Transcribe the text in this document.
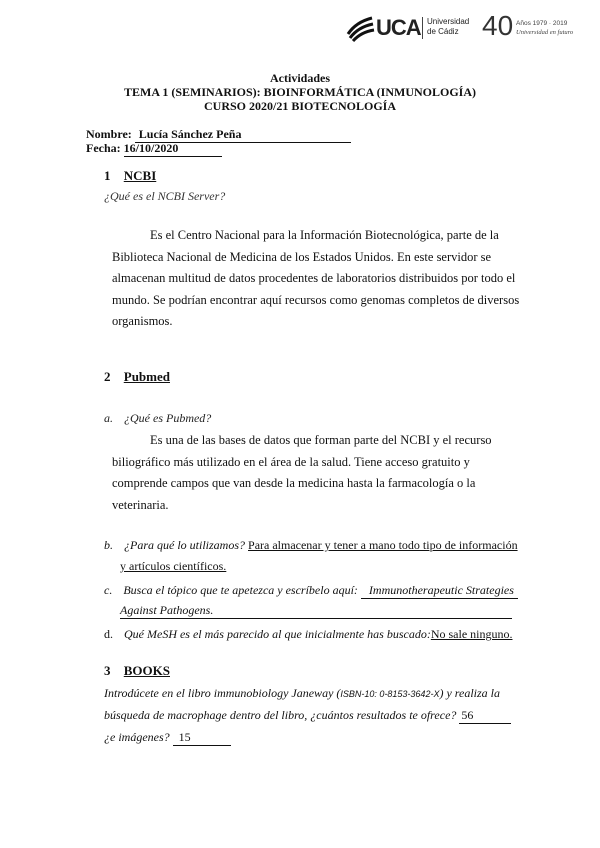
UCA Universidad
de Cádiz 40 Años 1979 · 2019
Universidad en futuro
Actividades
TEMA 1 (SEMINARIOS): BIOINFORMÁTICA (INMUNOLOGÍA)
CURSO 2020/21 BIOTECNOLOGÍA
Nombre: Lucía Sánchez Peña
Fecha: 16/10/2020
1 NCBI
¿Qué es el NCBI Server?
Es el Centro Nacional para la Información Biotecnológica, parte de la
Biblioteca Nacional de Medicina de los Estados Unidos. En este servidor se
almacenan multitud de datos procedentes de laboratorios distribuidos por todo el
mundo. Se podrían encontrar aquí recursos como genomas completos de diversos
organismos.
2 Pubmed
a. ¿Qué es Pubmed?
Es una de las bases de datos que forman parte del NCBI y el recurso
biliográfico más utilizado en el área de la salud. Tiene acceso gratuito y
comprende campos que van desde la medicina hasta la farmacología o la
veterinaria.
b. ¿Para qué lo utilizamos? Para almacenar y tener a mano todo tipo de información
y artículos científicos.
c. Busca el tópico que te apetezca y escríbelo aquí: Immunotherapeutic Strategies
Against Pathogens.
d. Qué MeSH es el más parecido al que inicialmente has buscado:No sale ninguno.
3 BOOKS
Introdúcete en el libro immunobiology Janeway (ISBN-10: 0-8153-3642-X) y realiza la
búsqueda de macrophage dentro del libro, ¿cuántos resultados te ofrece? 56
¿e imágenes? 15
